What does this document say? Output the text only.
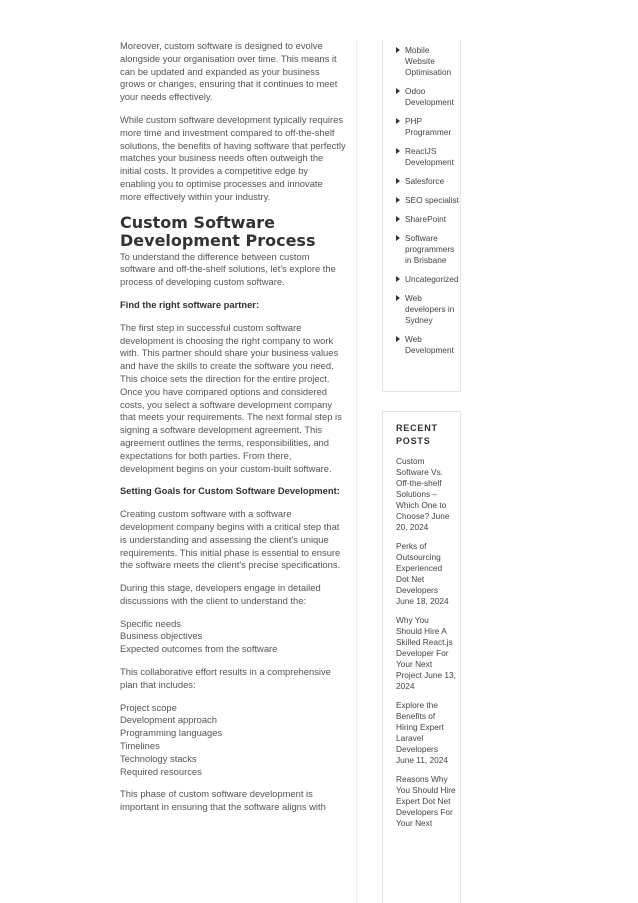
Moreover, custom software is designed to evolve alongside your organisation over time. This means it can be updated and expanded as your business grows or changes, ensuring that it continues to meet your needs effectively.

While custom software development typically requires more time and investment compared to off-the-shelf solutions, the benefits of having software that perfectly matches your business needs often outweigh the initial costs. It provides a competitive edge by enabling you to optimise processes and innovate more effectively within your industry.

Custom Software Development Process

To understand the difference between custom software and off-the-shelf solutions, let's explore the process of developing custom software.

Find the right software partner:

The first step in successful custom software development is choosing the right company to work with. This partner should share your business values and have the skills to create the software you need. This choice sets the direction for the entire project. Once you have compared options and considered costs, you select a software development company that meets your requirements. The next formal step is signing a software development agreement. This agreement outlines the terms, responsibilities, and expectations for both parties. From there, development begins on your custom-built software.

Setting Goals for Custom Software Development:

Creating custom software with a software development company begins with a critical step that is understanding and assessing the client's unique requirements. This initial phase is essential to ensure the software meets the client's precise specifications.

During this stage, developers engage in detailed discussions with the client to understand the:

Specific needs
Business objectives
Expected outcomes from the software

This collaborative effort results in a comprehensive plan that includes:

Project scope
Development approach
Programming languages
Timelines
Technology stacks
Required resources

This phase of custom software development is important in ensuring that the software aligns with

Mobile Website Optimisation
Odoo Development
PHP Programmer
ReactJS Development
Salesforce
SEO specialist
SharePoint
Software programmers in Brisbane
Uncategorized
Web developers in Sydney
Web Development
RECENT POSTS
Custom Software Vs. Off-the-shelf Solutions – Which One to Choose? June 20, 2024
Perks of Outsourcing Experienced Dot Net Developers June 18, 2024
Why You Should Hire A Skilled React.js Developer For Your Next Project June 13, 2024
Explore the Benefits of Hiring Expert Laravel Developers June 11, 2024
Reasons Why You Should Hire Expert Dot Net Developers For Your Next
